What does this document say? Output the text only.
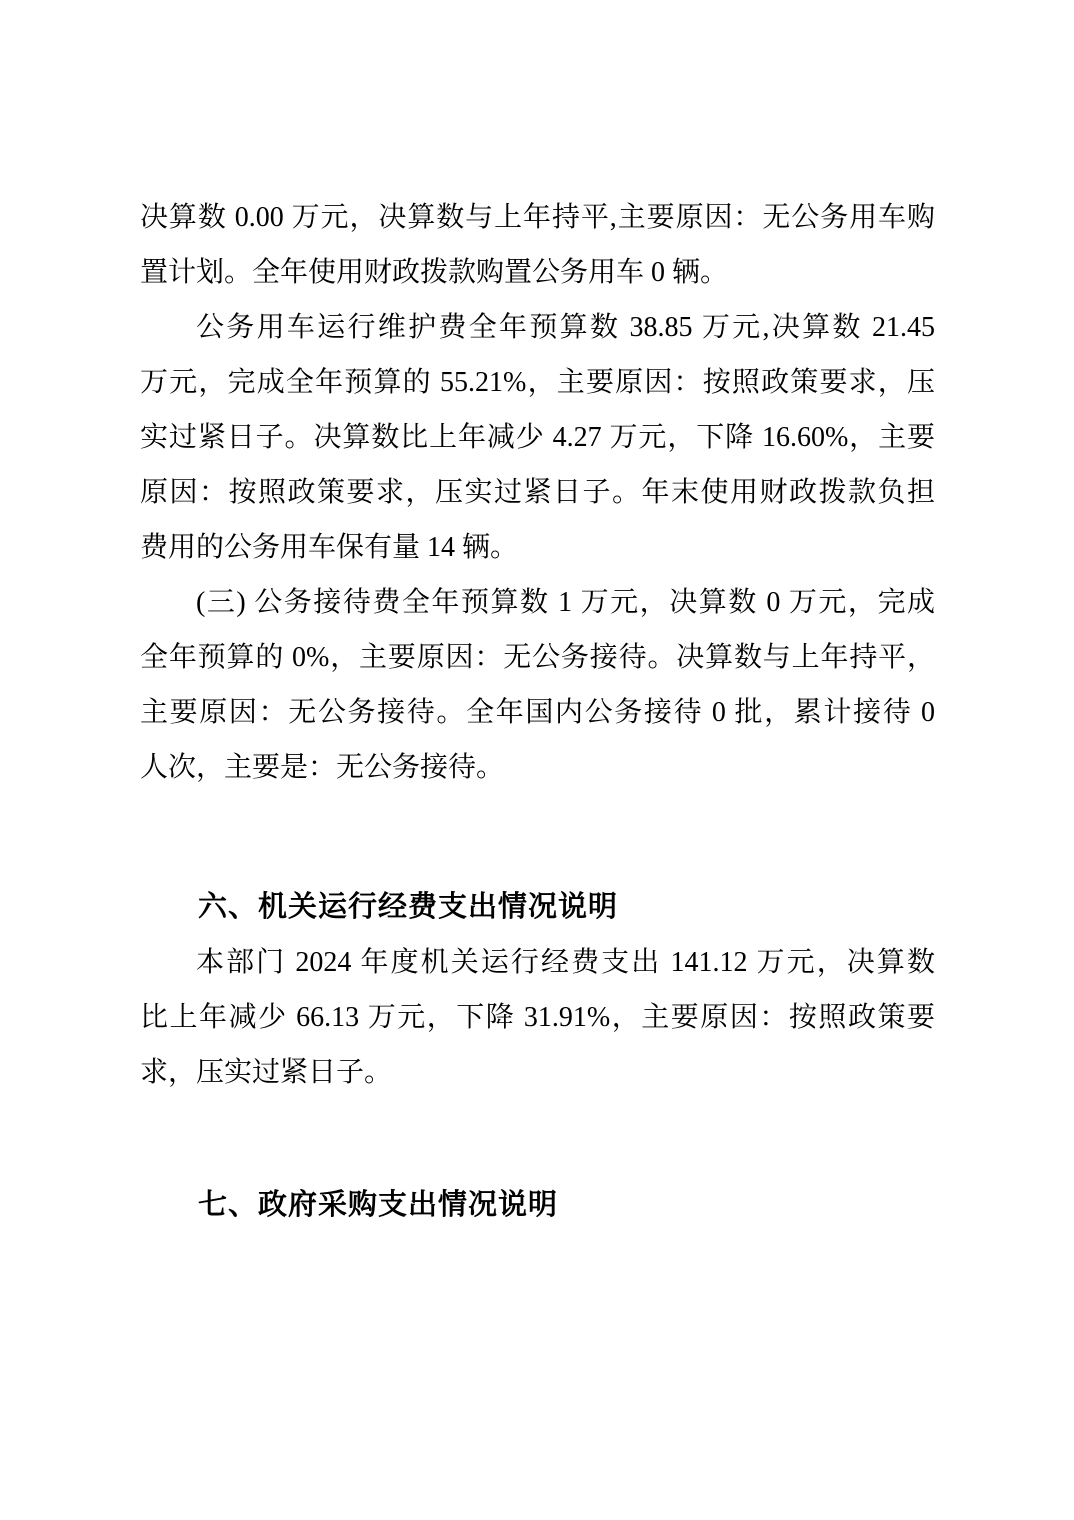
决算数 0.00 万元，决算数与上年持平,主要原因：无公务用车购
置计划。全年使用财政拨款购置公务用车 0 辆。
公务用车运行维护费全年预算数 38.85 万元,决算数 21.45
万元，完成全年预算的 55.21%，主要原因：按照政策要求，压
实过紧日子。决算数比上年减少 4.27 万元，下降 16.60%，主要
原因：按照政策要求，压实过紧日子。年末使用财政拨款负担
费用的公务用车保有量 14 辆。
(三) 公务接待费全年预算数 1 万元，决算数 0 万元，完成
全年预算的 0%，主要原因：无公务接待。决算数与上年持平，
主要原因：无公务接待。全年国内公务接待 0 批，累计接待 0
人次，主要是：无公务接待。
六、机关运行经费支出情况说明
本部门 2024 年度机关运行经费支出 141.12 万元，决算数
比上年减少 66.13 万元，下降 31.91%，主要原因：按照政策要
求，压实过紧日子。
七、政府采购支出情况说明
